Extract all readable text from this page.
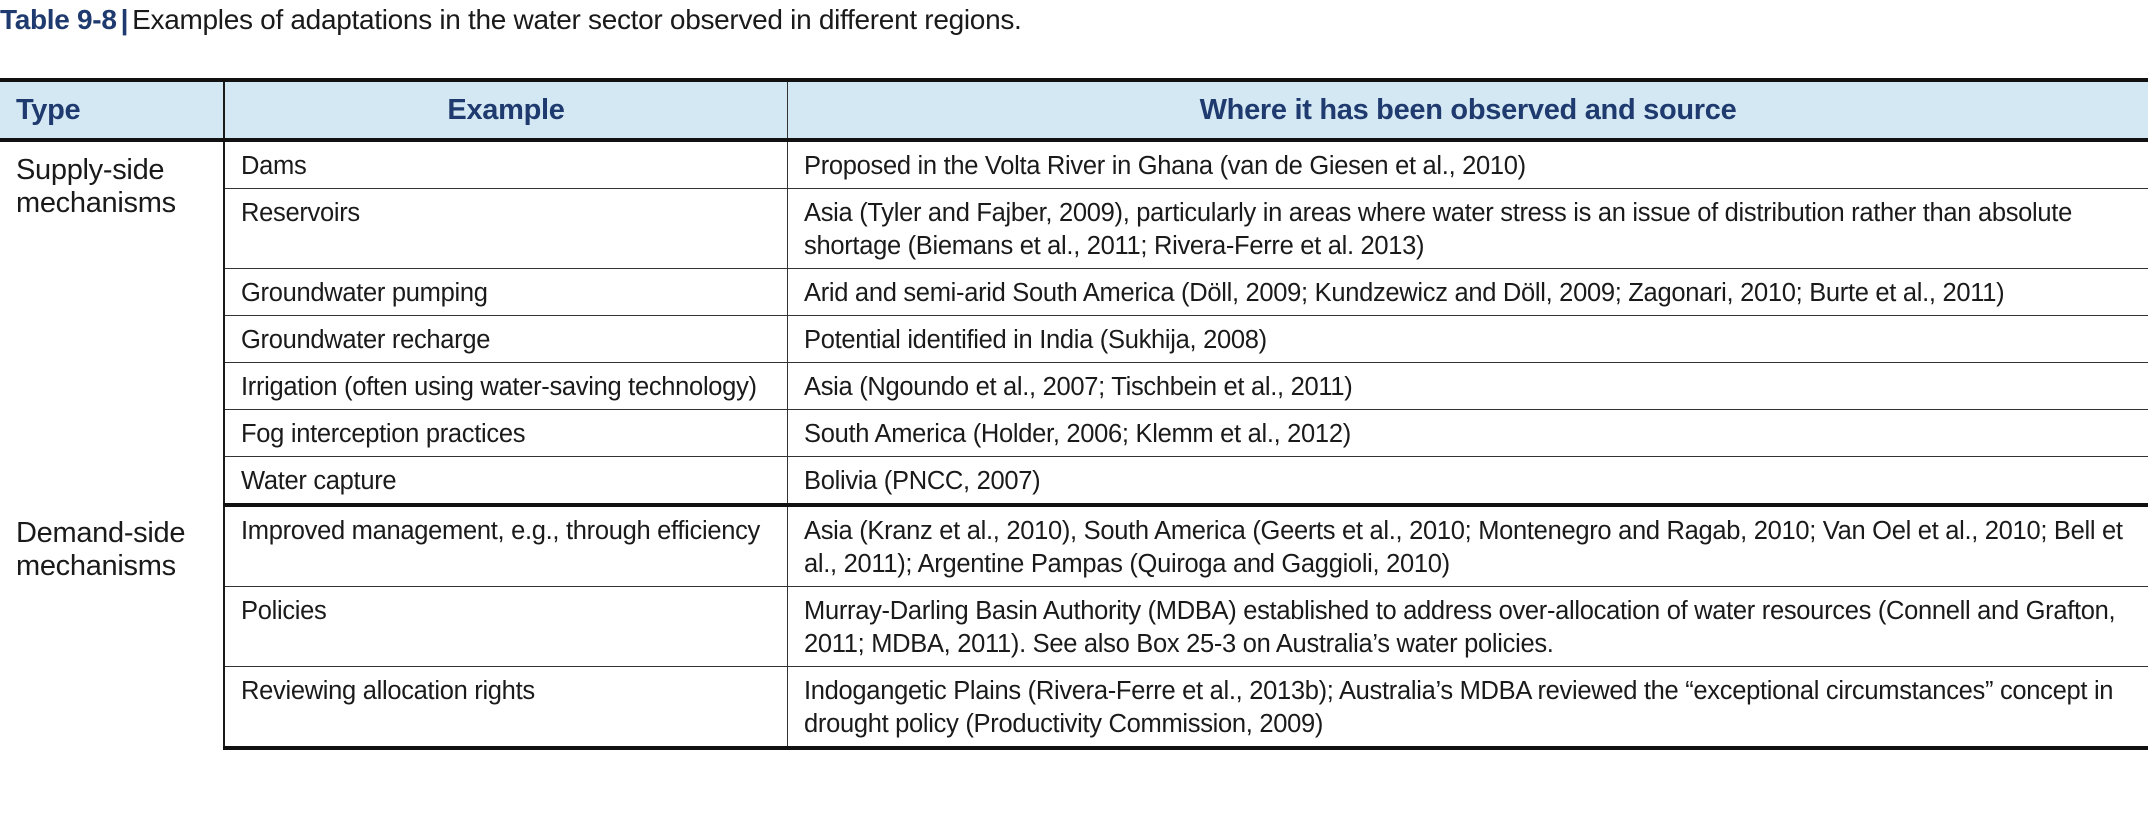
Table 9-8 | Examples of adaptations in the water sector observed in different regions.
Type	Example	Where it has been observed and source
Supply-side mechanisms	Dams	Proposed in the Volta River in Ghana (van de Giesen et al., 2010)
	Reservoirs	Asia (Tyler and Fajber, 2009), particularly in areas where water stress is an issue of distribution rather than absolute shortage (Biemans et al., 2011; Rivera-Ferre et al. 2013)
	Groundwater pumping	Arid and semi-arid South America (Döll, 2009; Kundzewicz and Döll, 2009; Zagonari, 2010; Burte et al., 2011)
	Groundwater recharge	Potential identified in India (Sukhija, 2008)
	Irrigation (often using water-saving technology)	Asia (Ngoundo et al., 2007; Tischbein et al., 2011)
	Fog interception practices	South America (Holder, 2006; Klemm et al., 2012)
	Water capture	Bolivia (PNCC, 2007)
Demand-side mechanisms	Improved management, e.g., through efficiency	Asia (Kranz et al., 2010), South America (Geerts et al., 2010; Montenegro and Ragab, 2010; Van Oel et al., 2010; Bell et al., 2011); Argentine Pampas (Quiroga and Gaggioli, 2010)
	Policies	Murray-Darling Basin Authority (MDBA) established to address over-allocation of water resources (Connell and Grafton, 2011; MDBA, 2011). See also Box 25-3 on Australia’s water policies.
	Reviewing allocation rights	Indogangetic Plains (Rivera-Ferre et al., 2013b); Australia’s MDBA reviewed the “exceptional circumstances” concept in drought policy (Productivity Commission, 2009)
